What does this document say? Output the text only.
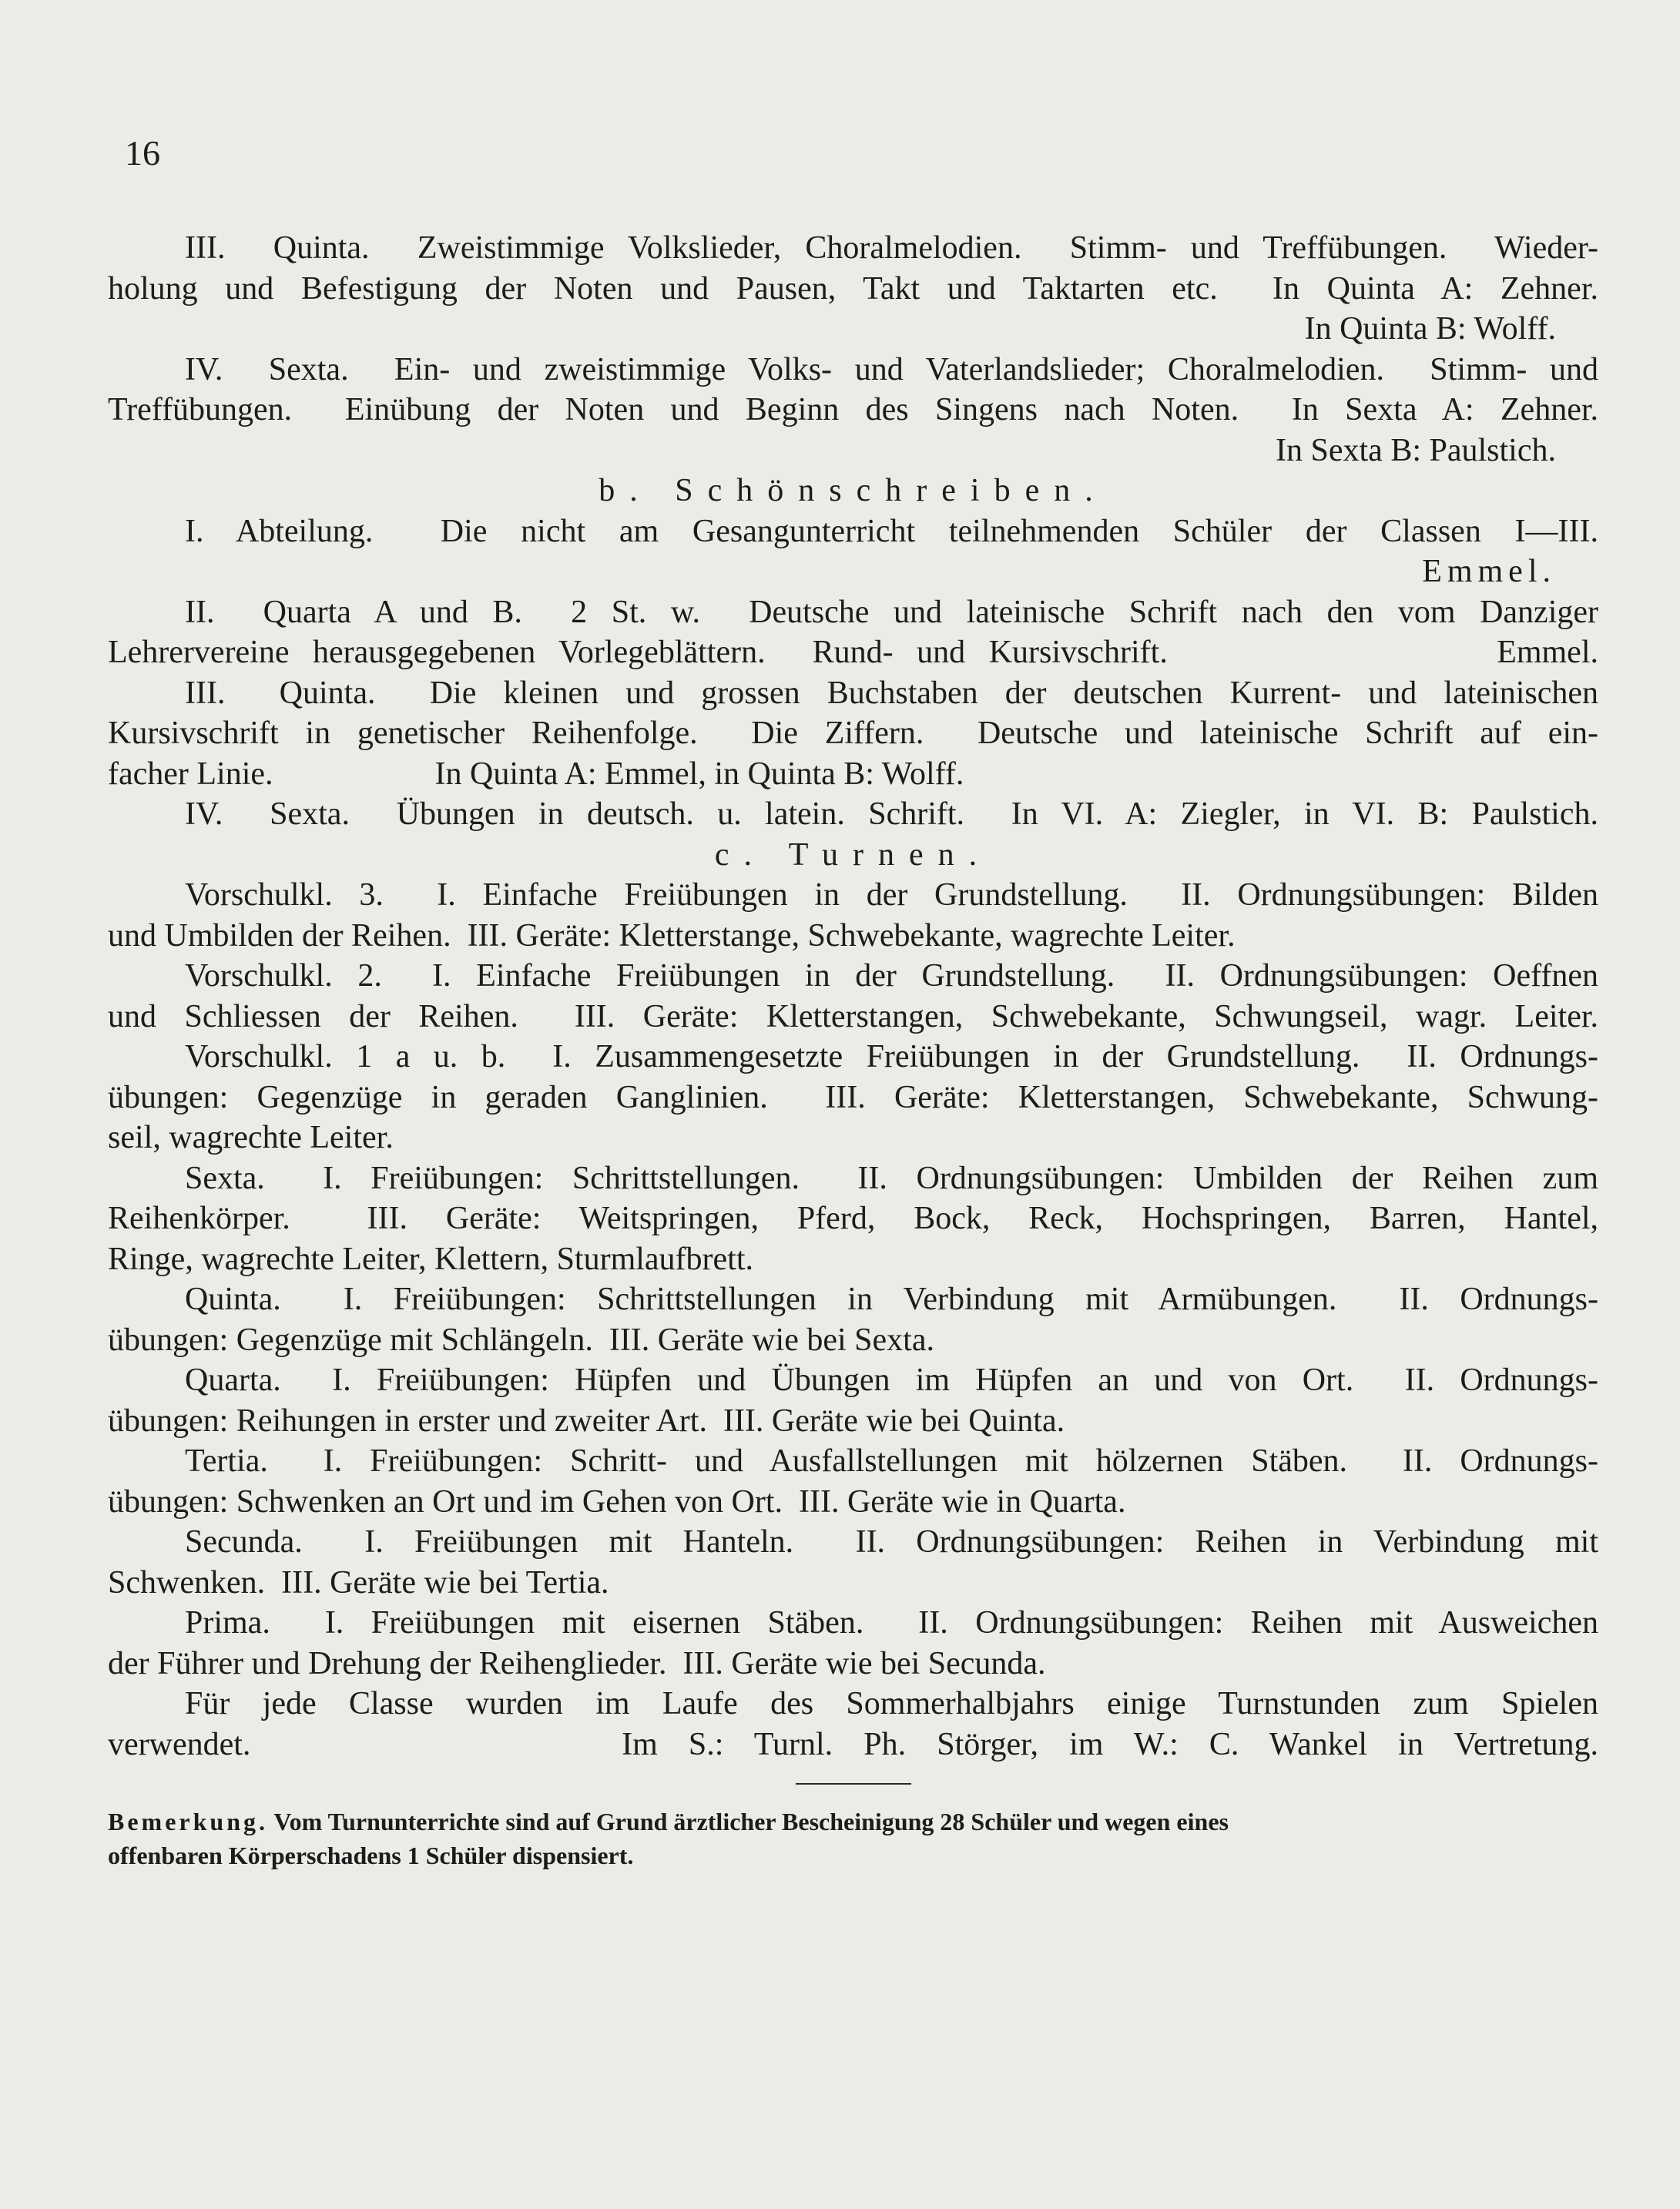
16
III.  Quinta.  Zweistimmige Volkslieder, Choralmelodien.  Stimm- und Treffübungen.  Wieder-
holung und Befestigung der Noten und Pausen, Takt und Taktarten etc.  In Quinta A: Zehner.
In Quinta B: Wolff.
IV.  Sexta.  Ein- und zweistimmige Volks- und Vaterlandslieder; Choralmelodien.  Stimm- und
Treffübungen.  Einübung der Noten und Beginn des Singens nach Noten.  In Sexta A: Zehner.
In Sexta B: Paulstich.
b. Schönschreiben.
I. Abteilung.  Die nicht am Gesangunterricht teilnehmenden Schüler der Classen I—III.
Emmel.
II.  Quarta A und B.  2 St. w.  Deutsche und lateinische Schrift nach den vom Danziger
Lehrervereine herausgegebenen Vorlegeblättern.  Rund- und Kursivschrift.              Emmel.
III.  Quinta.  Die kleinen und grossen Buchstaben der deutschen Kurrent- und lateinischen
Kursivschrift in genetischer Reihenfolge.  Die Ziffern.  Deutsche und lateinische Schrift auf ein-
facher Linie.                    In Quinta A: Emmel, in Quinta B: Wolff.
IV.  Sexta.  Übungen in deutsch. u. latein. Schrift.  In VI. A: Ziegler, in VI. B: Paulstich.
c. Turnen.
Vorschulkl. 3.  I. Einfache Freiübungen in der Grundstellung.  II. Ordnungsübungen: Bilden
und Umbilden der Reihen.  III. Geräte: Kletterstange, Schwebekante, wagrechte Leiter.
Vorschulkl. 2.  I. Einfache Freiübungen in der Grundstellung.  II. Ordnungsübungen: Oeffnen
und Schliessen der Reihen.  III. Geräte: Kletterstangen, Schwebekante, Schwungseil, wagr. Leiter.
Vorschulkl. 1 a u. b.  I. Zusammengesetzte Freiübungen in der Grundstellung.  II. Ordnungs-
übungen: Gegenzüge in geraden Ganglinien.  III. Geräte: Kletterstangen, Schwebekante, Schwung-
seil, wagrechte Leiter.
Sexta.  I. Freiübungen: Schrittstellungen.  II. Ordnungsübungen: Umbilden der Reihen zum
Reihenkörper.  III. Geräte: Weitspringen, Pferd, Bock, Reck, Hochspringen, Barren, Hantel,
Ringe, wagrechte Leiter, Klettern, Sturmlaufbrett.
Quinta.  I. Freiübungen: Schrittstellungen in Verbindung mit Armübungen.  II. Ordnungs-
übungen: Gegenzüge mit Schlängeln.  III. Geräte wie bei Sexta.
Quarta.  I. Freiübungen: Hüpfen und Übungen im Hüpfen an und von Ort.  II. Ordnungs-
übungen: Reihungen in erster und zweiter Art.  III. Geräte wie bei Quinta.
Tertia.  I. Freiübungen: Schritt- und Ausfallstellungen mit hölzernen Stäben.  II. Ordnungs-
übungen: Schwenken an Ort und im Gehen von Ort.  III. Geräte wie in Quarta.
Secunda.  I. Freiübungen mit Hanteln.  II. Ordnungsübungen: Reihen in Verbindung mit
Schwenken.  III. Geräte wie bei Tertia.
Prima.  I. Freiübungen mit eisernen Stäben.  II. Ordnungsübungen: Reihen mit Ausweichen
der Führer und Drehung der Reihenglieder.  III. Geräte wie bei Secunda.
Für jede Classe wurden im Laufe des Sommerhalbjahrs einige Turnstunden zum Spielen
verwendet.            Im S.: Turnl. Ph. Störger, im W.: C. Wankel in Vertretung.
Bemerkung. Vom Turnunterrichte sind auf Grund ärztlicher Bescheinigung 28 Schüler und wegen eines
offenbaren Körperschadens 1 Schüler dispensiert.
